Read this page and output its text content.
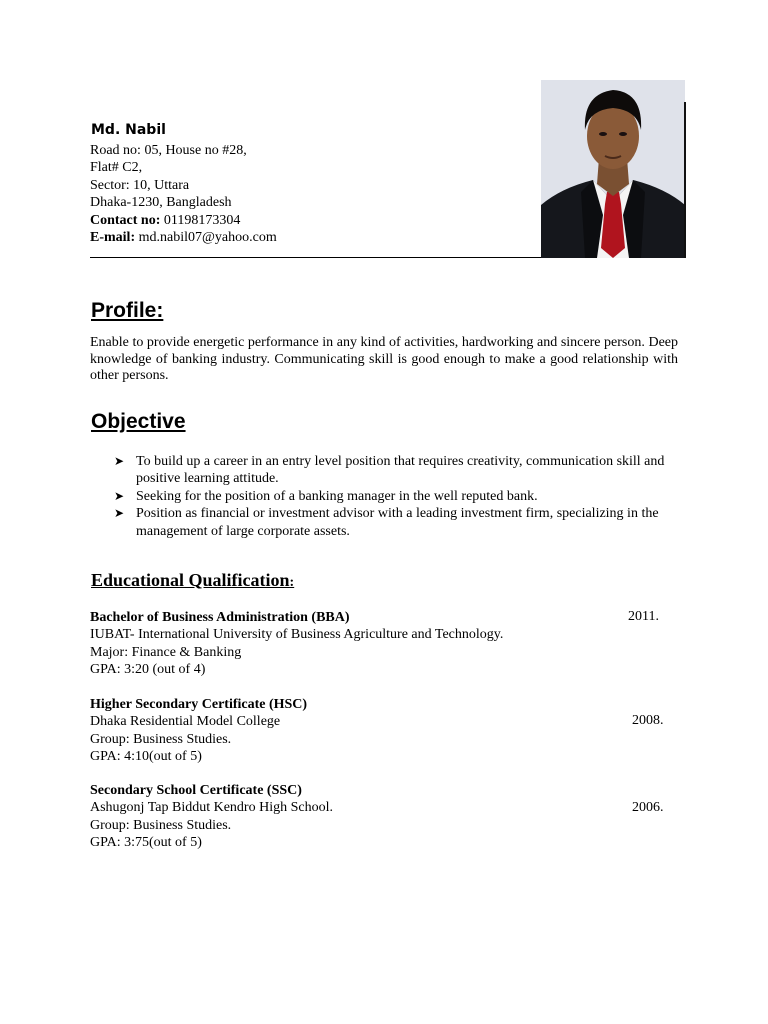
Md. Nabil
Road no: 05, House no #28,
Flat# C2,
Sector: 10, Uttara
Dhaka-1230, Bangladesh
Contact no: 01198173304
E-mail: md.nabil07@yahoo.com
Profile:
Enable to provide energetic performance in any kind of activities, hardworking and sincere person. Deep knowledge of banking industry. Communicating skill is good enough to make a good relationship with other persons.
Objective
➤ To build up a career in an entry level position that requires creativity, communication skill and positive learning attitude.
➤ Seeking for the position of a banking manager in the well reputed bank.
➤ Position as financial or investment advisor with a leading investment firm, specializing in the management of large corporate assets.
Educational Qualification:
Bachelor of Business Administration (BBA)
IUBAT- International University of Business Agriculture and Technology.
Major: Finance & Banking
GPA: 3:20 (out of 4)
2011.
Higher Secondary Certificate (HSC)
Dhaka Residential Model College
Group: Business Studies.
GPA: 4:10(out of 5)
2008.
Secondary School Certificate (SSC)
Ashugonj Tap Biddut Kendro High School.
Group: Business Studies.
GPA: 3:75(out of 5)
2006.
